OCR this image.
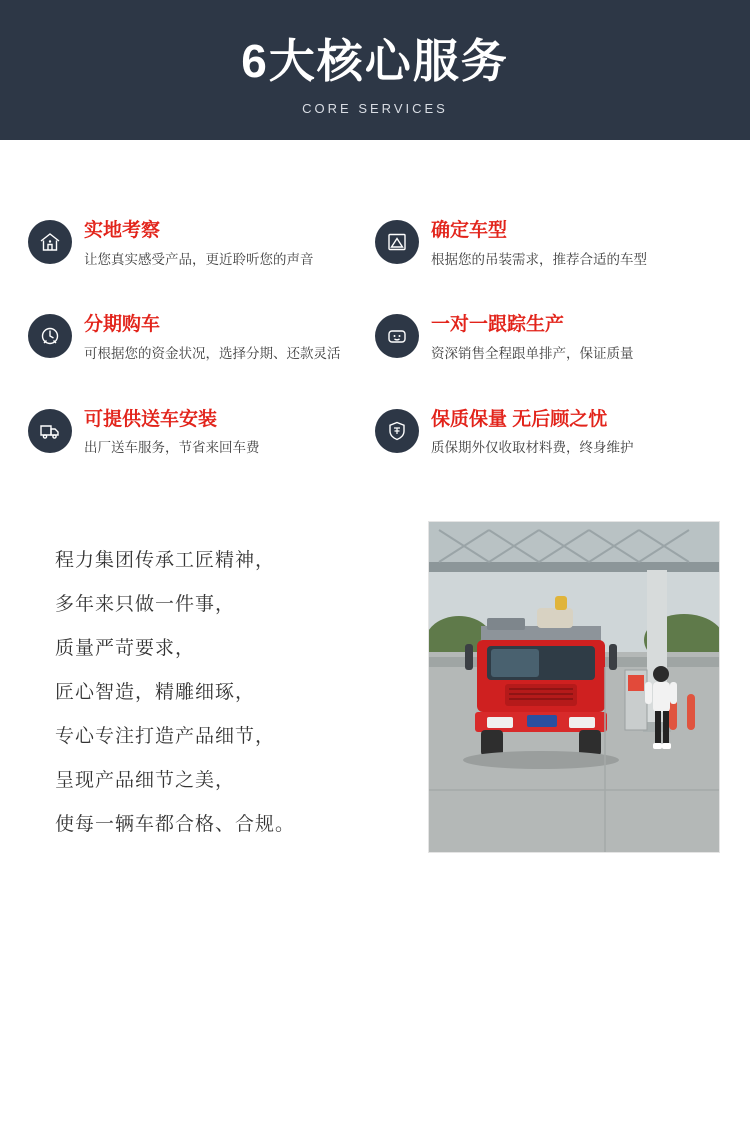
6大核心服务
CORE SERVICES
实地考察
让您真实感受产品，更近聆听您的声音
确定车型
根据您的吊装需求，推荐合适的车型
分期购车
可根据您的资金状况，选择分期、还款灵活
一对一跟踪生产
资深销售全程跟单排产，保证质量
可提供送车安装
出厂送车服务，节省来回车费
保质保量 无后顾之忧
质保期外仅收取材料费，终身维护
程力集团传承工匠精神，
多年来只做一件事，
质量严苛要求，
匠心智造，精雕细琢，
专心专注打造产品细节，
呈现产品细节之美，
使每一辆车都合格、合规。
